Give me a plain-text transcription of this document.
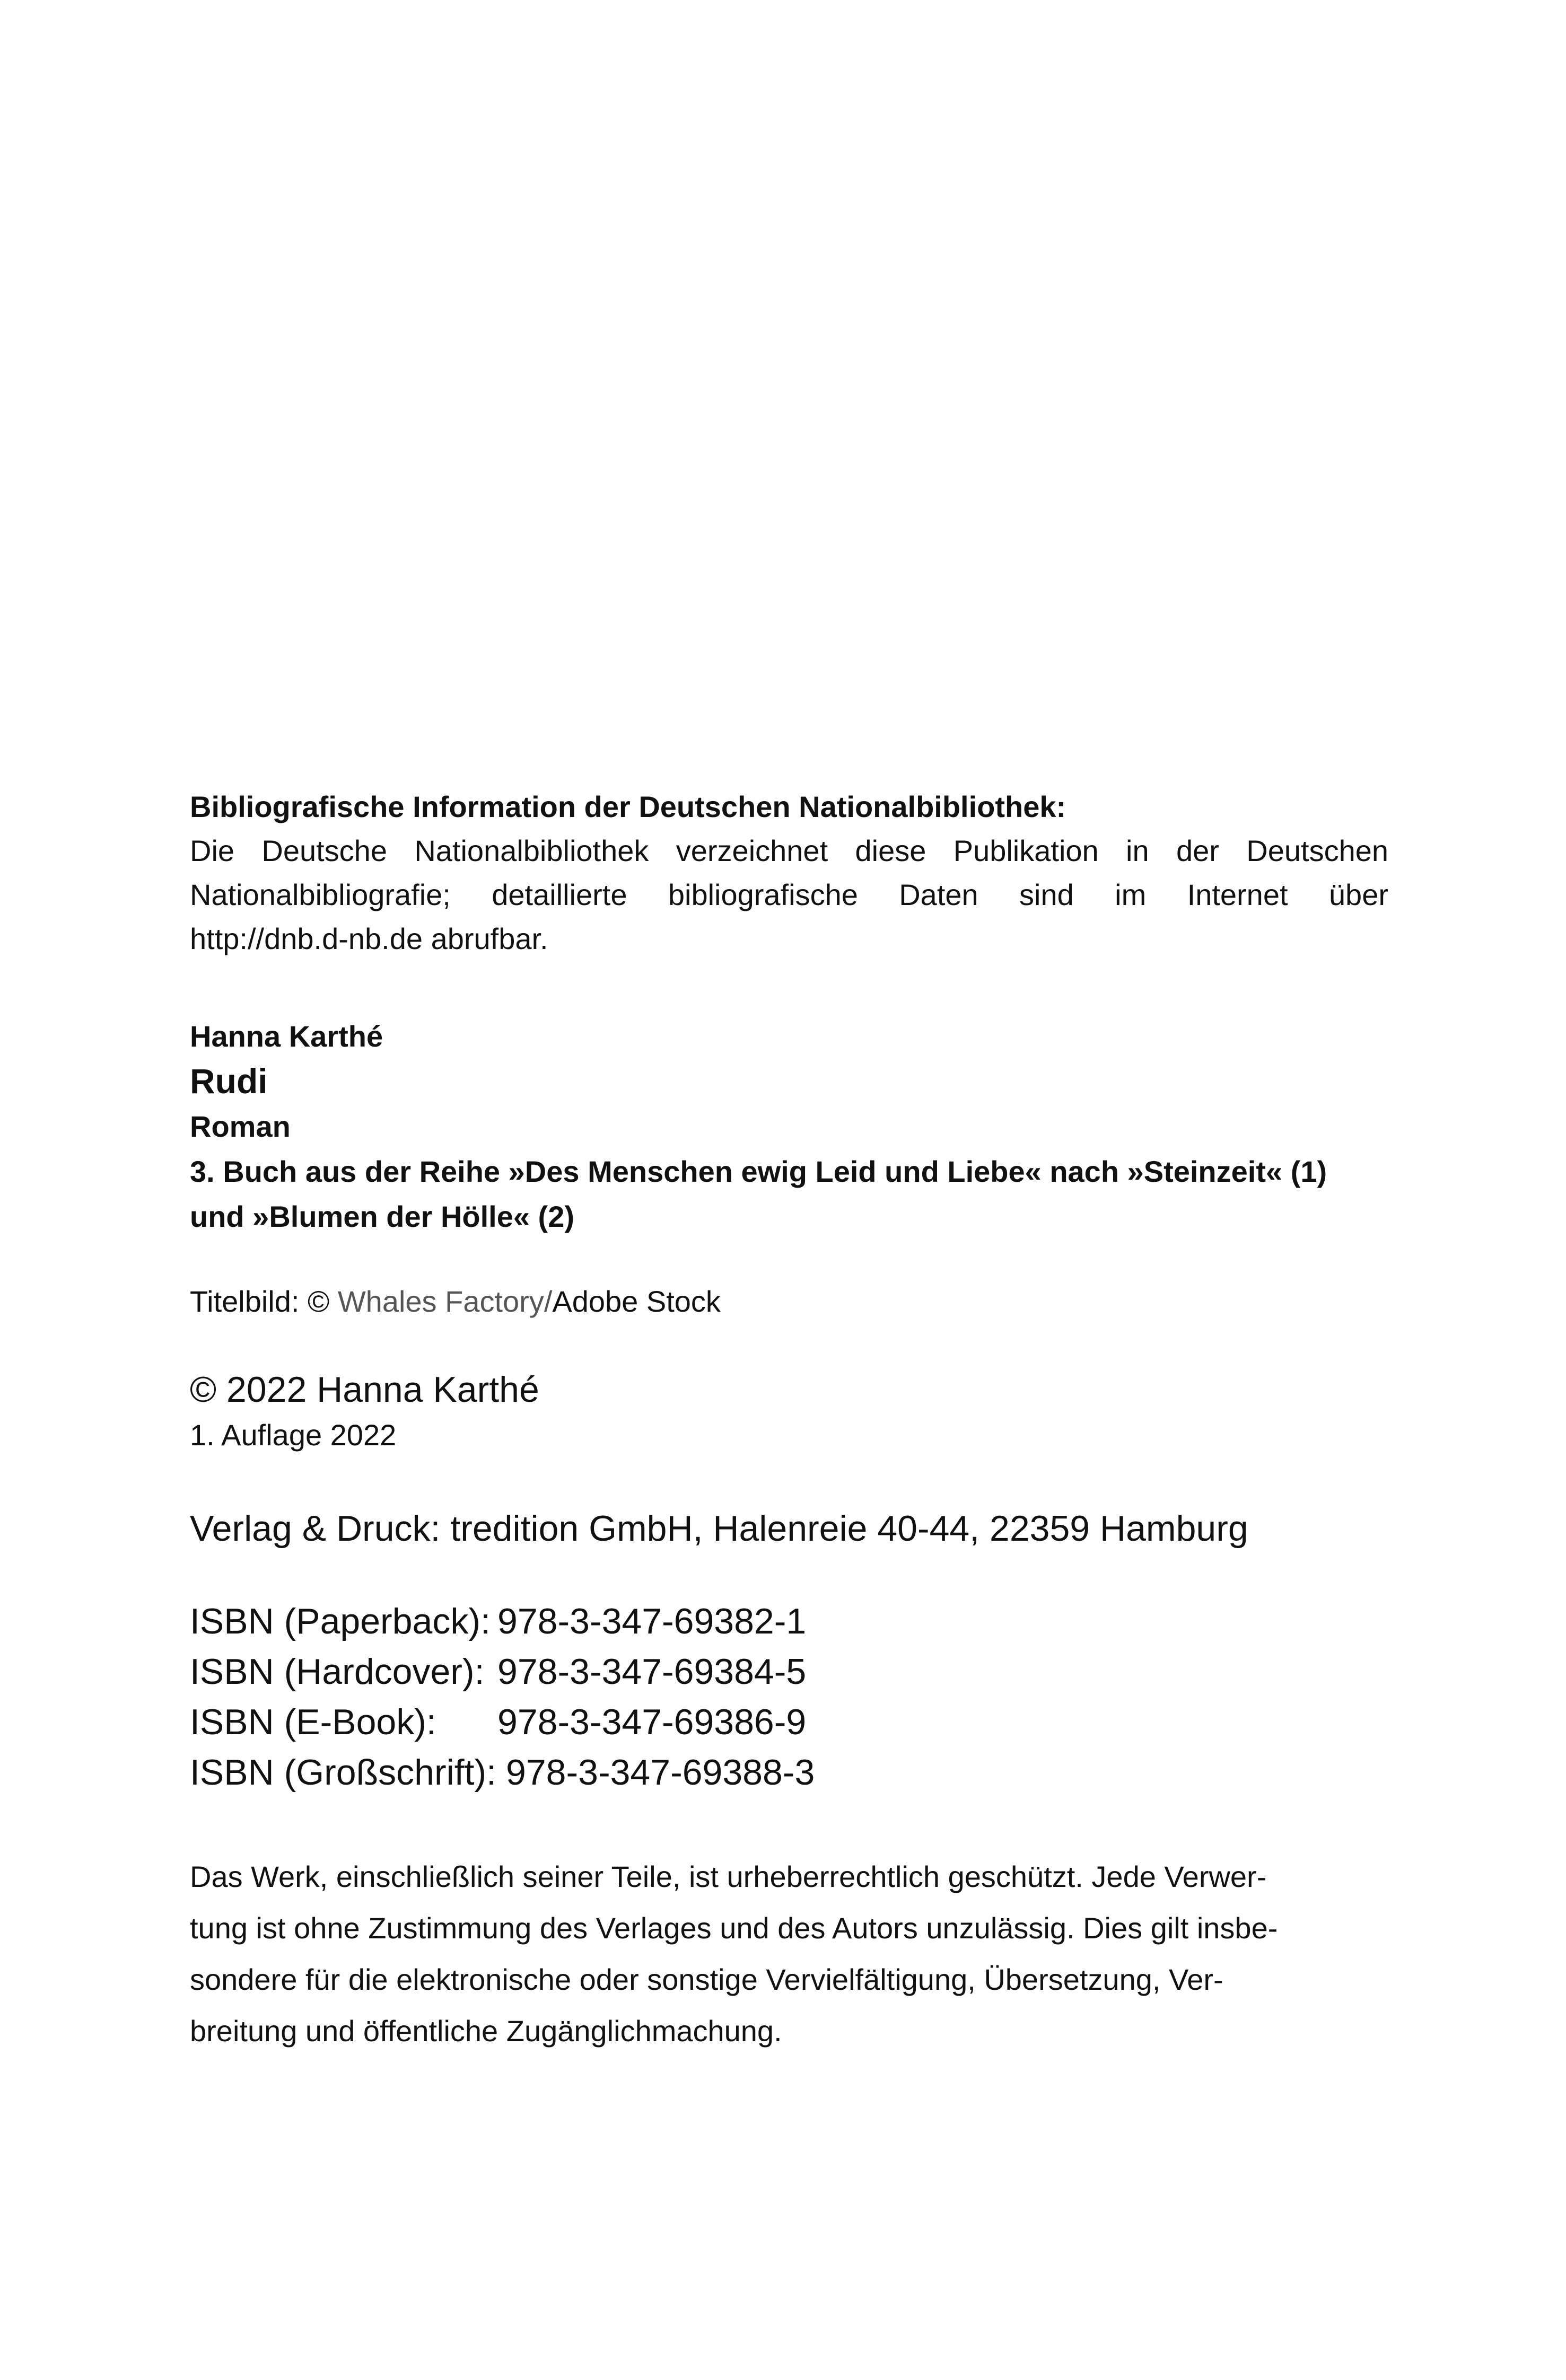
Bibliografische Information der Deutschen Nationalbibliothek:

Die Deutsche Nationalbibliothek verzeichnet diese Publikation in der Deutschen

Nationalbibliografie; detaillierte bibliografische Daten sind im Internet über

http://dnb.d-nb.de abrufbar.

Hanna Karthé

Rudi

Roman

3. Buch aus der Reihe »Des Menschen ewig Leid und Liebe« nach »Steinzeit« (1)

und »Blumen der Hölle« (2)

Titelbild: © Whales Factory/Adobe Stock

© 2022 Hanna Karthé

1. Auflage 2022

Verlag & Druck: tredition GmbH, Halenreie 40-44, 22359 Hamburg

ISBN (Paperback): 978-3-347-69382-1
ISBN (Hardcover): 978-3-347-69384-5
ISBN (E-Book): 978-3-347-69386-9
ISBN (Großschrift): 978-3-347-69388-3

Das Werk, einschließlich seiner Teile, ist urheberrechtlich geschützt. Jede Verwer-

tung ist ohne Zustimmung des Verlages und des Autors unzulässig. Dies gilt insbe-

sondere für die elektronische oder sonstige Vervielfältigung, Übersetzung, Ver-

breitung und öffentliche Zugänglichmachung.
